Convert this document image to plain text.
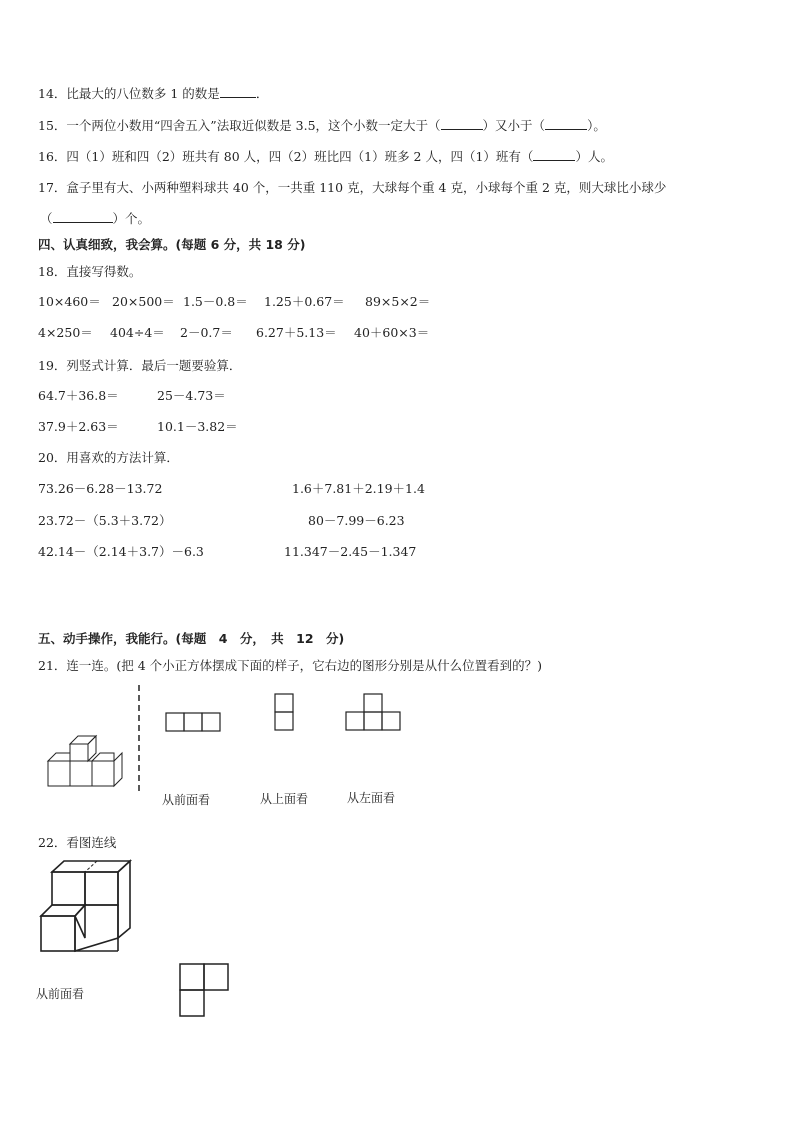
14．比最大的八位数多 1 的数是	．
15．一个两位小数用“四舍五入”法取近似数是 3.5，这个小数一定大于（	）又小于（	）。
16．四（1）班和四（2）班共有 80 人，四（2）班比四（1）班多 2 人，四（1）班有（	）人。
17．盒子里有大、小两种塑料球共 40 个，一共重 110 克，大球每个重 4 克，小球每个重 2 克，则大球比小球少
（	）个。
四、认真细致，我会算。(每题 6 分，共 18 分)
18．直接写得数。
10×460＝ 20×500＝ 1.5－0.8＝ 1.25＋0.67＝ 89×5×2＝
4×250＝ 404÷4＝ 2－0.7＝ 6.27＋5.13＝ 40＋60×3＝
19．列竖式计算．最后一题要验算．
64.7＋36.8＝	25－4.73＝
37.9＋2.63＝	10.1－3.82＝
20．用喜欢的方法计算．
73.26－6.28－13.72	1.6＋7.81＋2.19＋1.4
23.72－（5.3＋3.72）	80－7.99－6.23
42.14－（2.14＋3.7）－6.3	11.347－2.45－1.347
五、动手操作，我能行。(每题　4　分，　共　12　分)
21．连一连。(把 4 个小正方体摆成下面的样子，它右边的图形分别是从什么位置看到的？)
从前面看	从上面看	从左面看
22．看图连线
从前面看
